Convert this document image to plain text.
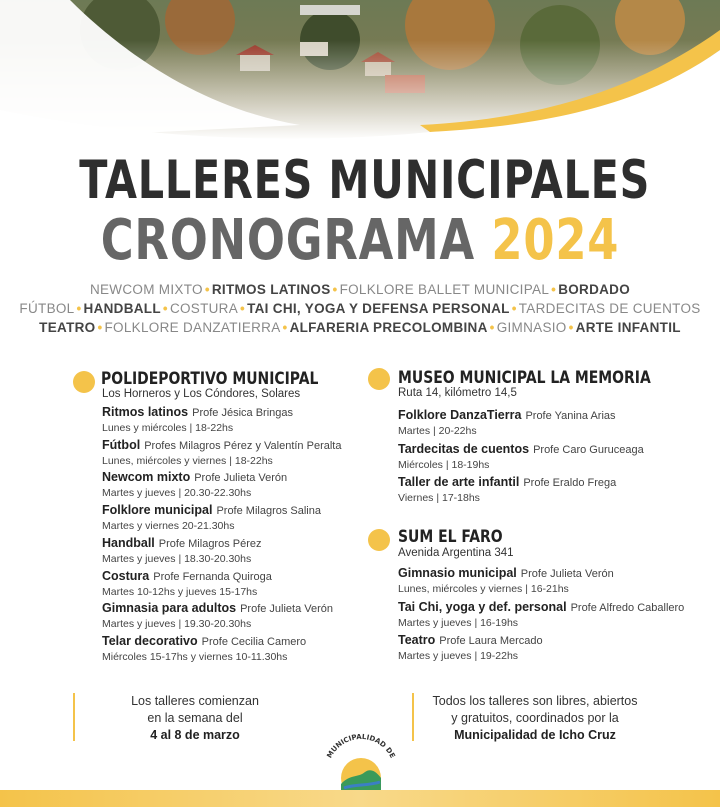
TALLERES MUNICIPALES
CRONOGRAMA 2024
NEWCOM MIXTO • RITMOS LATINOS • FOLKLORE BALLET MUNICIPAL • BORDADO
FÚTBOL • HANDBALL • COSTURA • TAI CHI, YOGA Y DEFENSA PERSONAL • TARDECITAS DE CUENTOS
TEATRO • FOLKLORE DANZATIERRA • ALFARERIA PRECOLOMBINA • GIMNASIO • ARTE INFANTIL
POLIDEPORTIVO MUNICIPAL
Los Horneros y Los Cóndores, Solares
Ritmos latinos Profe Jésica Bringas
Lunes y miércoles | 18-22hs
Fútbol Profes Milagros Pérez y Valentín Peralta
Lunes, miércoles y viernes | 18-22hs
Newcom mixto Profe Julieta Verón
Martes y jueves | 20.30-22.30hs
Folklore municipal Profe Milagros Salina
Martes y viernes 20-21.30hs
Handball Profe Milagros Pérez
Martes y jueves | 18.30-20.30hs
Costura Profe Fernanda Quiroga
Martes 10-12hs y jueves 15-17hs
Gimnasia para adultos Profe Julieta Verón
Martes y jueves | 19.30-20.30hs
Telar decorativo Profe Cecilia Camero
Miércoles 15-17hs y viernes 10-11.30hs
MUSEO MUNICIPAL LA MEMORIA
Ruta 14, kilómetro 14,5
Folklore DanzaTierra Profe Yanina Arias
Martes | 20-22hs
Tardecitas de cuentos Profe Caro Guruceaga
Miércoles | 18-19hs
Taller de arte infantil Profe Eraldo Frega
Viernes | 17-18hs
SUM EL FARO
Avenida Argentina 341
Gimnasio municipal Profe Julieta Verón
Lunes, miércoles y viernes | 16-21hs
Tai Chi, yoga y def. personal Profe Alfredo Caballero
Martes y jueves | 16-19hs
Teatro Profe Laura Mercado
Martes y jueves | 19-22hs
Los talleres comienzan
en la semana del
4 al 8 de marzo
Todos los talleres son libres, abiertos
y gratuitos, coordinados por la
Municipalidad de Icho Cruz
MUNICIPALIDAD DE
